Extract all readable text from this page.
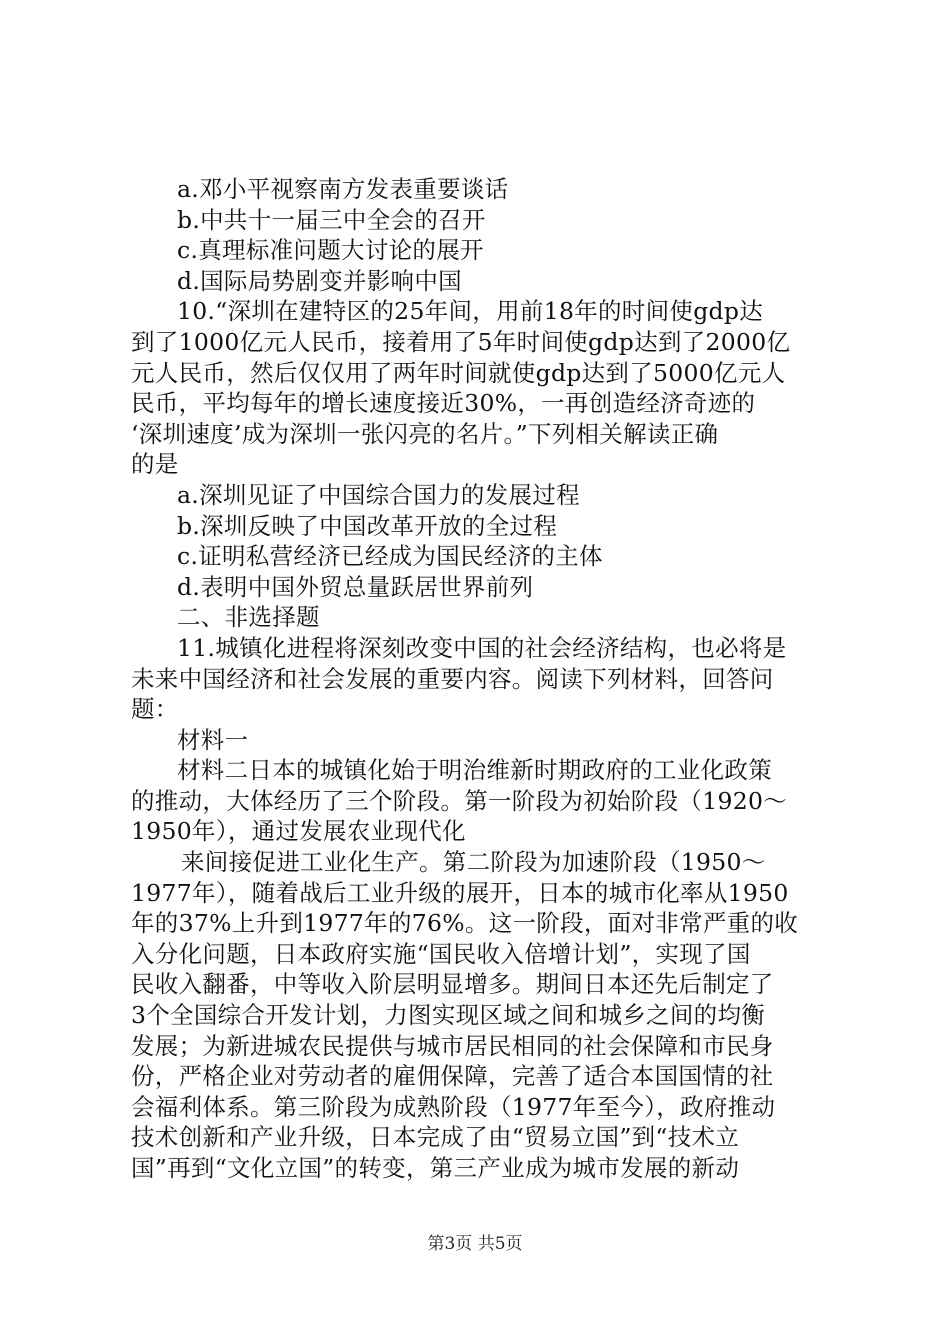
a.邓小平视察南方发表重要谈话
b.中共十一届三中全会的召开
c.真理标准问题大讨论的展开
d.国际局势剧变并影响中国
10.“深圳在建特区的25年间，用前18年的时间使gdp达
到了1000亿元人民币，接着用了5年时间使gdp达到了2000亿
元人民币，然后仅仅用了两年时间就使gdp达到了5000亿元人
民币，平均每年的增长速度接近30%，一再创造经济奇迹的
‘深圳速度’成为深圳一张闪亮的名片。”下列相关解读正确
的是
a.深圳见证了中国综合国力的发展过程
b.深圳反映了中国改革开放的全过程
c.证明私营经济已经成为国民经济的主体
d.表明中国外贸总量跃居世界前列
二、非选择题
11.城镇化进程将深刻改变中国的社会经济结构，也必将是
未来中国经济和社会发展的重要内容。阅读下列材料，回答问
题：
材料一
材料二日本的城镇化始于明治维新时期政府的工业化政策
的推动，大体经历了三个阶段。第一阶段为初始阶段（1920～
1950年），通过发展农业现代化
来间接促进工业化生产。第二阶段为加速阶段（1950～
1977年），随着战后工业升级的展开，日本的城市化率从1950
年的37%上升到1977年的76%。这一阶段，面对非常严重的收
入分化问题，日本政府实施“国民收入倍增计划”，实现了国
民收入翻番，中等收入阶层明显增多。期间日本还先后制定了
3个全国综合开发计划，力图实现区域之间和城乡之间的均衡
发展；为新进城农民提供与城市居民相同的社会保障和市民身
份，严格企业对劳动者的雇佣保障，完善了适合本国国情的社
会福利体系。第三阶段为成熟阶段（1977年至今），政府推动
技术创新和产业升级，日本完成了由“贸易立国”到“技术立
国”再到“文化立国”的转变，第三产业成为城市发展的新动
第3页 共5页
